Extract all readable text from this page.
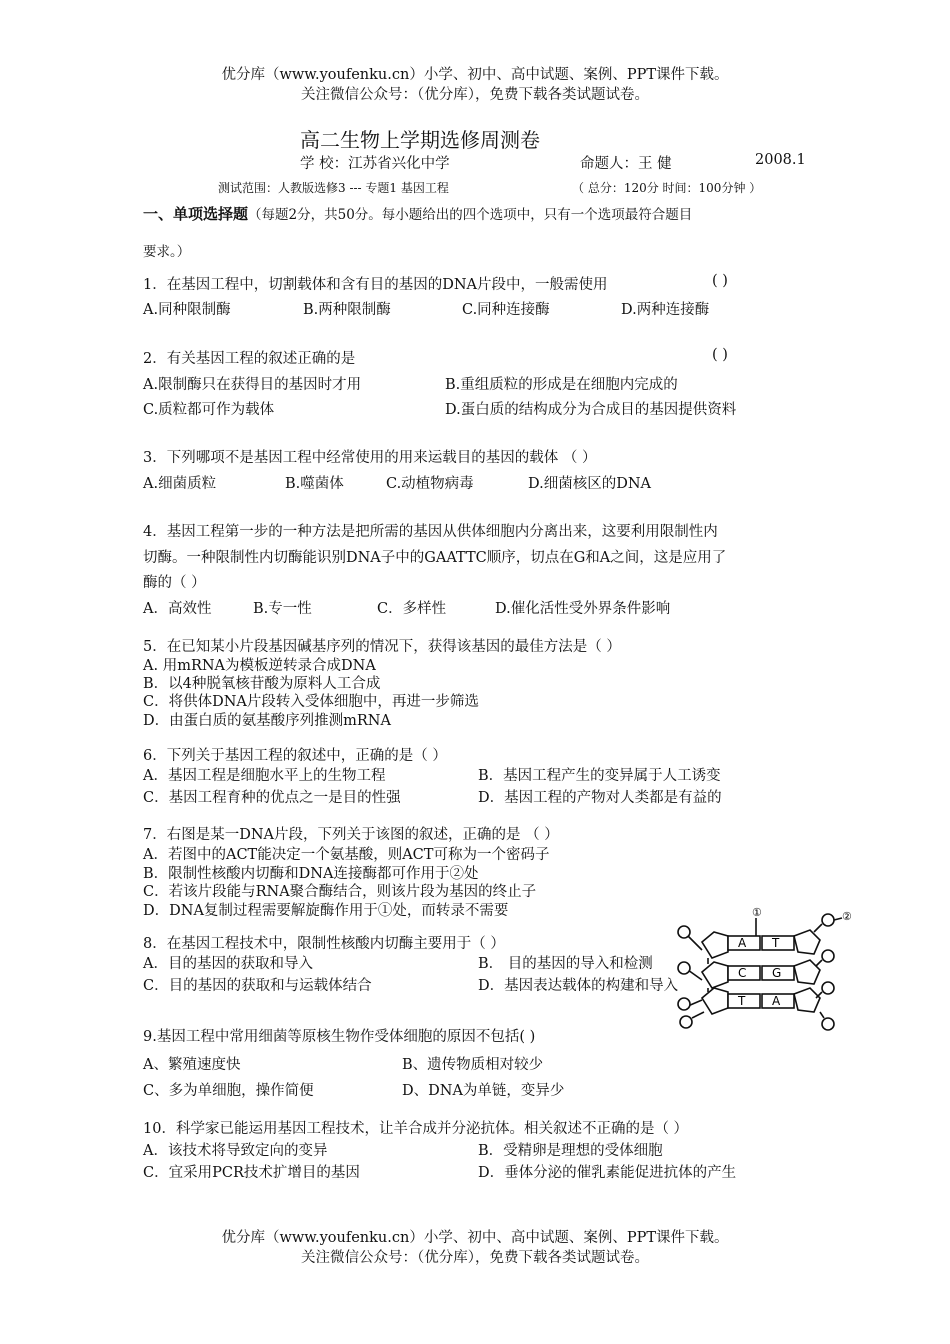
优分库（www.youfenku.cn）小学、初中、高中试题、案例、PPT课件下载。
关注微信公众号：（优分库），免费下载各类试题试卷。
高二生物上学期选修周测卷
学 校：江苏省兴化中学	命题人：王 健	2008.1
测试范围：人教版选修3 --- 专题1 基因工程	（ 总分：120分 时间：100分钟 ）
一、单项选择题（每题2分，共50分。每小题给出的四个选项中，只有一个选项最符合题目
要求。）
1．在基因工程中，切割载体和含有目的基因的DNA片段中，一般需使用	( )
A.同种限制酶	B.两种限制酶	C.同种连接酶	D.两种连接酶
2．有关基因工程的叙述正确的是	( )
A.限制酶只在获得目的基因时才用	B.重组质粒的形成是在细胞内完成的
C.质粒都可作为载体	D.蛋白质的结构成分为合成目的基因提供资料
3．下列哪项不是基因工程中经常使用的用来运载目的基因的载体 （ ）
A.细菌质粒	B.噬菌体	C.动植物病毒	D.细菌核区的DNA
4．基因工程第一步的一种方法是把所需的基因从供体细胞内分离出来，这要利用限制性内
切酶。一种限制性内切酶能识别DNA子中的GAATTC顺序，切点在G和A之间，这是应用了
酶的（ ）
A．高效性	B.专一性	C．多样性	D.催化活性受外界条件影响
5．在已知某小片段基因碱基序列的情况下，获得该基因的最佳方法是（ ）
A. 用mRNA为模板逆转录合成DNA
B．以4种脱氧核苷酸为原料人工合成
C．将供体DNA片段转入受体细胞中，再进一步筛选
D．由蛋白质的氨基酸序列推测mRNA
6．下列关于基因工程的叙述中，正确的是（ ）
A．基因工程是细胞水平上的生物工程	B．基因工程产生的变异属于人工诱变
C．基因工程育种的优点之一是目的性强	D．基因工程的产物对人类都是有益的
7．右图是某一DNA片段，下列关于该图的叙述，正确的是 （ ）
A．若图中的ACT能决定一个氨基酸，则ACT可称为一个密码子
B．限制性核酸内切酶和DNA连接酶都可作用于②处
C．若该片段能与RNA聚合酶结合，则该片段为基因的终止子
D．DNA复制过程需要解旋酶作用于①处，而转录不需要
8．在基因工程技术中，限制性核酸内切酶主要用于（ ）
A．目的基因的获取和导入	B． 目的基因的导入和检测
C．目的基因的获取和与运载体结合	D．基因表达载体的构建和导入
①	②
A T
C G
T A
9.基因工程中常用细菌等原核生物作受体细胞的原因不包括( )
A、繁殖速度快	B、遗传物质相对较少
C、多为单细胞，操作简便	D、DNA为单链，变异少
10．科学家已能运用基因工程技术，让羊合成并分泌抗体。相关叙述不正确的是（ ）
A．该技术将导致定向的变异	B．受精卵是理想的受体细胞
C．宜采用PCR技术扩增目的基因	D．垂体分泌的催乳素能促进抗体的产生
优分库（www.youfenku.cn）小学、初中、高中试题、案例、PPT课件下载。
关注微信公众号：（优分库），免费下载各类试题试卷。
